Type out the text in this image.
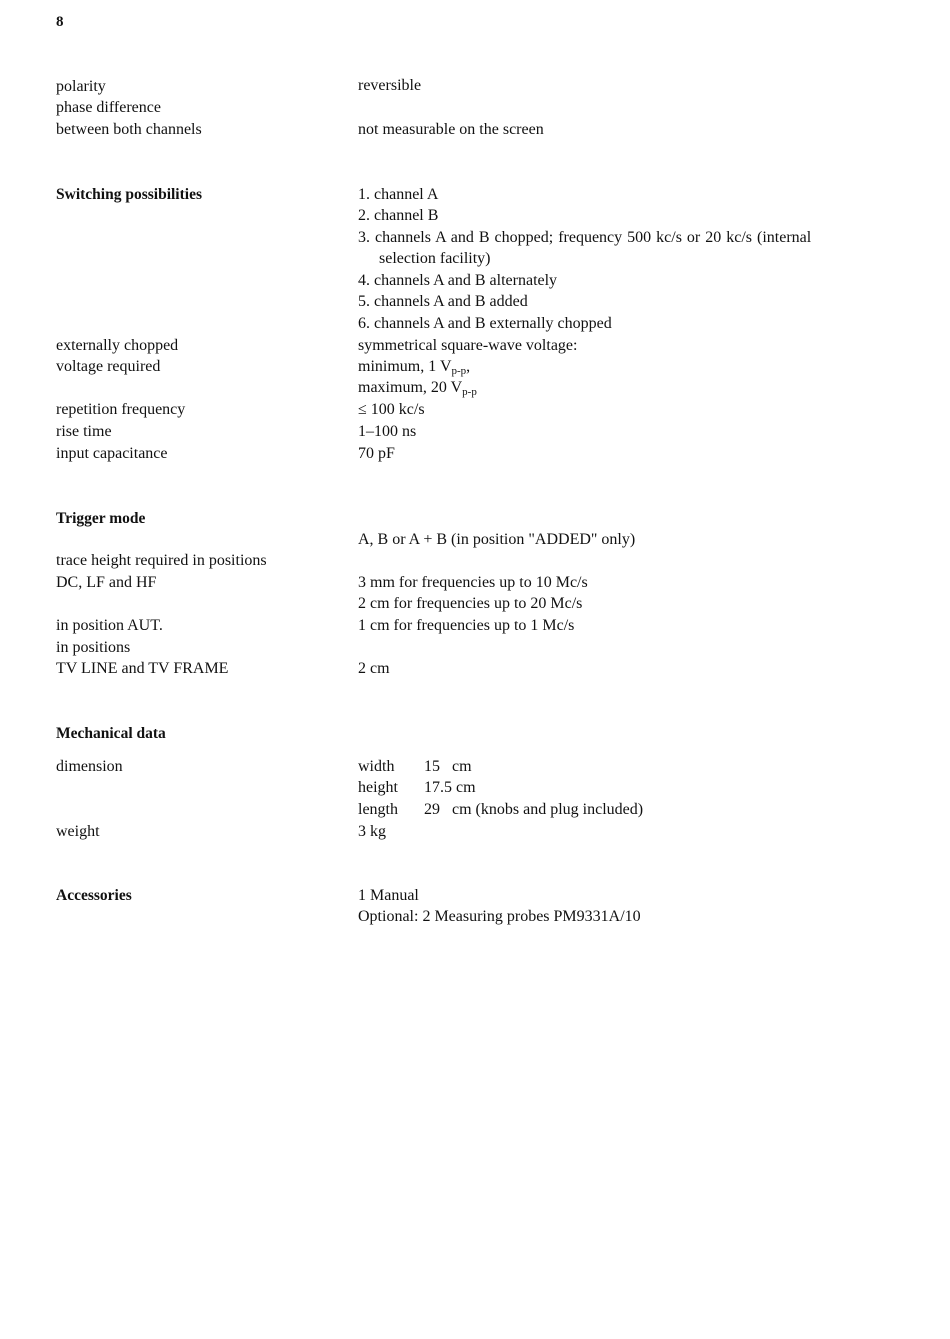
8
polarity	reversible
phase difference
between both channels	not measurable on the screen
Switching possibilities	1. channel A
2. channel B
3. channels A and B chopped; frequency 500 kc/s or 20 kc/s (internal
selection facility)
4. channels A and B alternately
5. channels A and B added
6. channels A and B externally chopped
externally chopped	symmetrical square-wave voltage:
voltage required	minimum, 1 $V_{p-p}$,
maximum, 20 $V_{p-p}$
repetition frequency	≤ 100 kc/s
rise time	1–100 ns
input capacitance	70 pF
Trigger mode
A, B or A + B (in position "ADDED" only)
trace height required in positions
DC, LF and HF	3 mm for frequencies up to 10 Mc/s
2 cm for frequencies up to 20 Mc/s
in position AUT.	1 cm for frequencies up to 1 Mc/s
in positions
TV LINE and TV FRAME	2 cm
Mechanical data
dimension	width 15   cm
height 17.5 cm
length 29   cm (knobs and plug included)
weight	3 kg
Accessories	1 Manual
Optional: 2 Measuring probes PM9331A/10
